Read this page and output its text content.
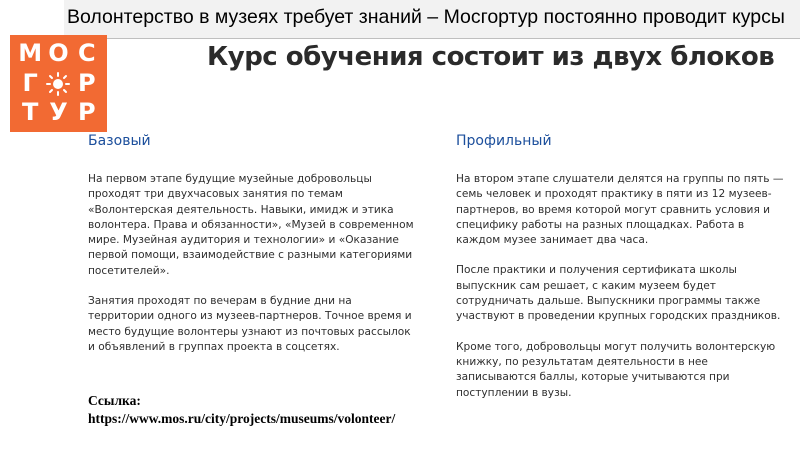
Волонтерство в музеях требует знаний – Мосгортур постоянно проводит курсы
М О С
Г Р
Т У Р
Курс обучения состоит из двух блоков
Базовый

На первом этапе будущие музейные добровольцы проходят три двухчасовых занятия по темам «Волонтерская деятельность. Навыки, имидж и этика волонтера. Права и обязанности», «Музей в современном мире. Музейная аудитория и технологии» и «Оказание первой помощи, взаимодействие с разными категориями посетителей».

Занятия проходят по вечерам в будние дни на территории одного из музеев-партнеров. Точное время и место будущие волонтеры узнают из почтовых рассылок и объявлений в группах проекта в соцсетях.

Профильный

На втором этапе слушатели делятся на группы по пять — семь человек и проходят практику в пяти из 12 музеев-партнеров, во время которой могут сравнить условия и специфику работы на разных площадках. Работа в каждом музее занимает два часа.

После практики и получения сертификата школы выпускник сам решает, с каким музеем будет сотрудничать дальше. Выпускники программы также участвуют в проведении крупных городских праздников.

Кроме того, добровольцы могут получить волонтерскую книжку, по результатам деятельности в нее записываются баллы, которые учитываются при поступлении в вузы.

Ссылка:
https://www.mos.ru/city/projects/museums/volonteer/
